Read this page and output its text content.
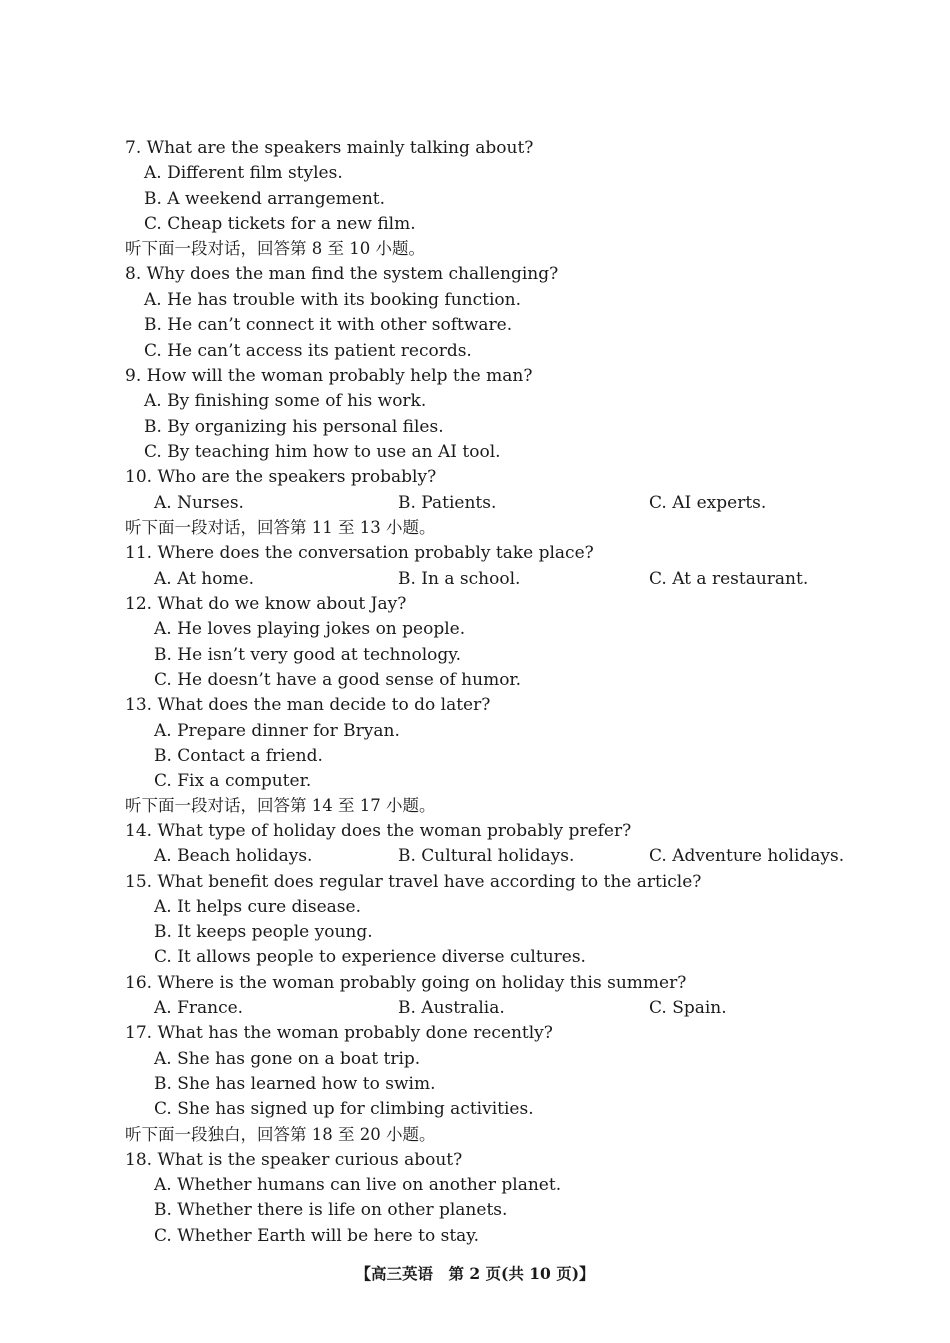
7. What are the speakers mainly talking about?
A. Different film styles.
B. A weekend arrangement.
C. Cheap tickets for a new film.
听下面一段对话，回答第 8 至 10 小题。
8. Why does the man find the system challenging?
A. He has trouble with its booking function.
B. He can’t connect it with other software.
C. He can’t access its patient records.
9. How will the woman probably help the man?
A. By finishing some of his work.
B. By organizing his personal files.
C. By teaching him how to use an AI tool.
10. Who are the speakers probably?
A. Nurses.	B. Patients.	C. AI experts.
听下面一段对话，回答第 11 至 13 小题。
11. Where does the conversation probably take place?
A. At home.	B. In a school.	C. At a restaurant.
12. What do we know about Jay?
A. He loves playing jokes on people.
B. He isn’t very good at technology.
C. He doesn’t have a good sense of humor.
13. What does the man decide to do later?
A. Prepare dinner for Bryan.
B. Contact a friend.
C. Fix a computer.
听下面一段对话，回答第 14 至 17 小题。
14. What type of holiday does the woman probably prefer?
A. Beach holidays.	B. Cultural holidays.	C. Adventure holidays.
15. What benefit does regular travel have according to the article?
A. It helps cure disease.
B. It keeps people young.
C. It allows people to experience diverse cultures.
16. Where is the woman probably going on holiday this summer?
A. France.	B. Australia.	C. Spain.
17. What has the woman probably done recently?
A. She has gone on a boat trip.
B. She has learned how to swim.
C. She has signed up for climbing activities.
听下面一段独白，回答第 18 至 20 小题。
18. What is the speaker curious about?
A. Whether humans can live on another planet.
B. Whether there is life on other planets.
C. Whether Earth will be here to stay.
【高三英语　第 2 页(共 10 页)】
